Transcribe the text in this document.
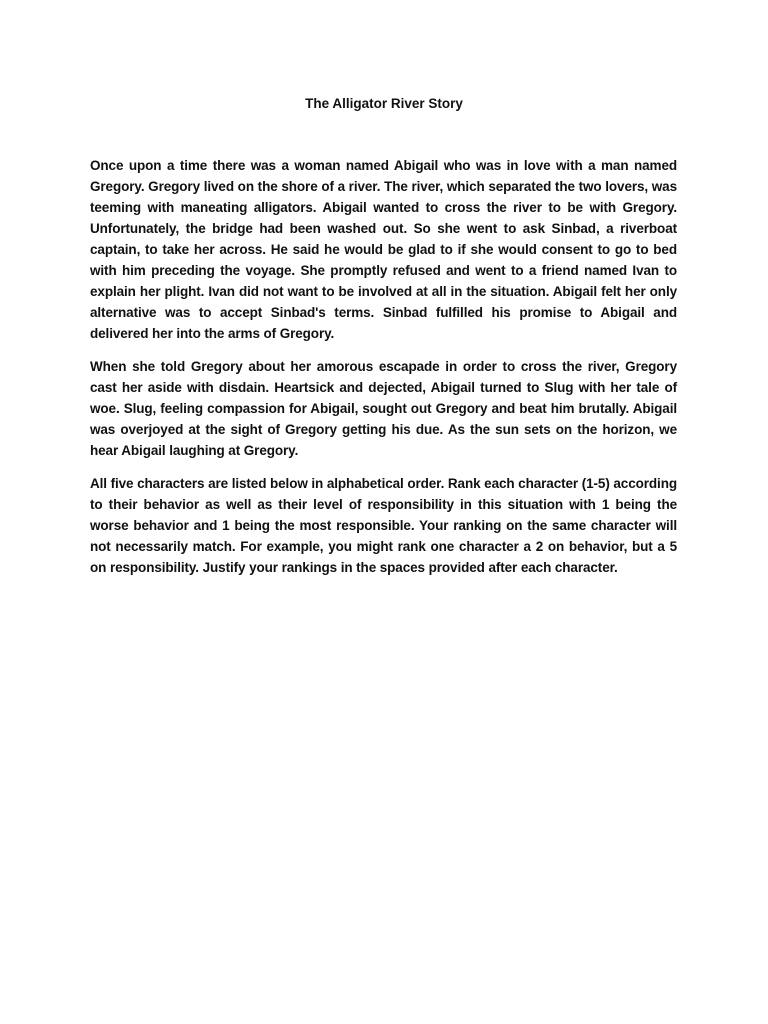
The Alligator River Story

Once upon a time there was a woman named Abigail who was in love with a man named Gregory. Gregory lived on the shore of a river. The river, which separated the two lovers, was teeming with maneating alligators. Abigail wanted to cross the river to be with Gregory. Unfortunately, the bridge had been washed out. So she went to ask Sinbad, a riverboat captain, to take her across. He said he would be glad to if she would consent to go to bed with him preceding the voyage. She promptly refused and went to a friend named Ivan to explain her plight. Ivan did not want to be involved at all in the situation. Abigail felt her only alternative was to accept Sinbad's terms. Sinbad fulfilled his promise to Abigail and delivered her into the arms of Gregory.

When she told Gregory about her amorous escapade in order to cross the river, Gregory cast her aside with disdain. Heartsick and dejected, Abigail turned to Slug with her tale of woe. Slug, feeling compassion for Abigail, sought out Gregory and beat him brutally. Abigail was overjoyed at the sight of Gregory getting his due. As the sun sets on the horizon, we hear Abigail laughing at Gregory.

All five characters are listed below in alphabetical order. Rank each character (1-5) according to their behavior as well as their level of responsibility in this situation with 1 being the worse behavior and 1 being the most responsible. Your ranking on the same character will not necessarily match. For example, you might rank one character a 2 on behavior, but a 5 on responsibility. Justify your rankings in the spaces provided after each character.
